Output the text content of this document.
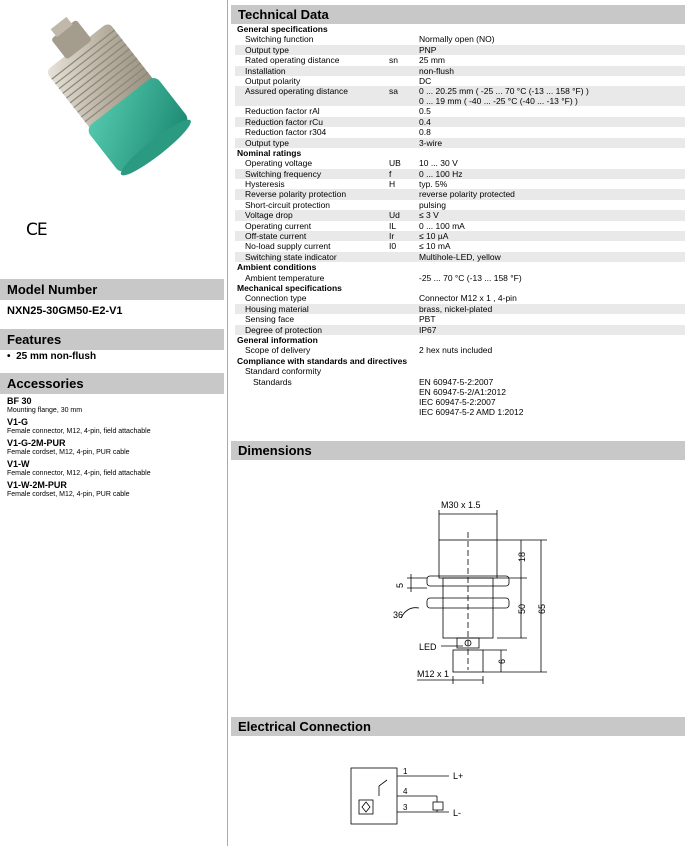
CE
Model Number
NXN25-30GM50-E2-V1
Features
•  25 mm non-flush
Accessories
BF 30
Mounting flange, 30 mm
V1-G
Female connector, M12, 4-pin, field attachable
V1-G-2M-PUR
Female cordset, M12, 4-pin, PUR cable
V1-W
Female connector, M12, 4-pin, field attachable
V1-W-2M-PUR
Female cordset, M12, 4-pin, PUR cable
Technical Data
General specifications
Switching function	Normally open (NO)
Output type	PNP
Rated operating distance	sn	25 mm
Installation	non-flush
Output polarity	DC
Assured operating distance	sa	0 ... 20.25 mm ( -25 ... 70 °C (-13 ... 158 °F) )
0 ... 19 mm ( -40 ... -25 °C (-40 ... -13 °F) )
Reduction factor rAl	0.5
Reduction factor rCu	0.4
Reduction factor r304	0.8
Output type	3-wire
Nominal ratings
Operating voltage	UB	10 ... 30 V
Switching frequency	f	0 ... 100 Hz
Hysteresis	H	typ. 5%
Reverse polarity protection	reverse polarity protected
Short-circuit protection	pulsing
Voltage drop	Ud	≤ 3 V
Operating current	IL	0 ... 100 mA
Off-state current	Ir	≤ 10 µA
No-load supply current	I0	≤ 10 mA
Switching state indicator	Multihole-LED, yellow
Ambient conditions
Ambient temperature	-25 ... 70 °C (-13 ... 158 °F)
Mechanical specifications
Connection type	Connector M12 x 1 , 4-pin
Housing material	brass, nickel-plated
Sensing face	PBT
Degree of protection	IP67
General information
Scope of delivery	2 hex nuts included
Compliance with standards and directives
Standard conformity
Standards	EN 60947-5-2:2007
EN 60947-5-2/A1:2012
IEC 60947-5-2:2007
IEC 60947-5-2 AMD 1:2012
Dimensions
M30 x 1.5
18
50 65
5
36
LED
6
M12 x 1
Electrical Connection
1
4
3
L+
L-
